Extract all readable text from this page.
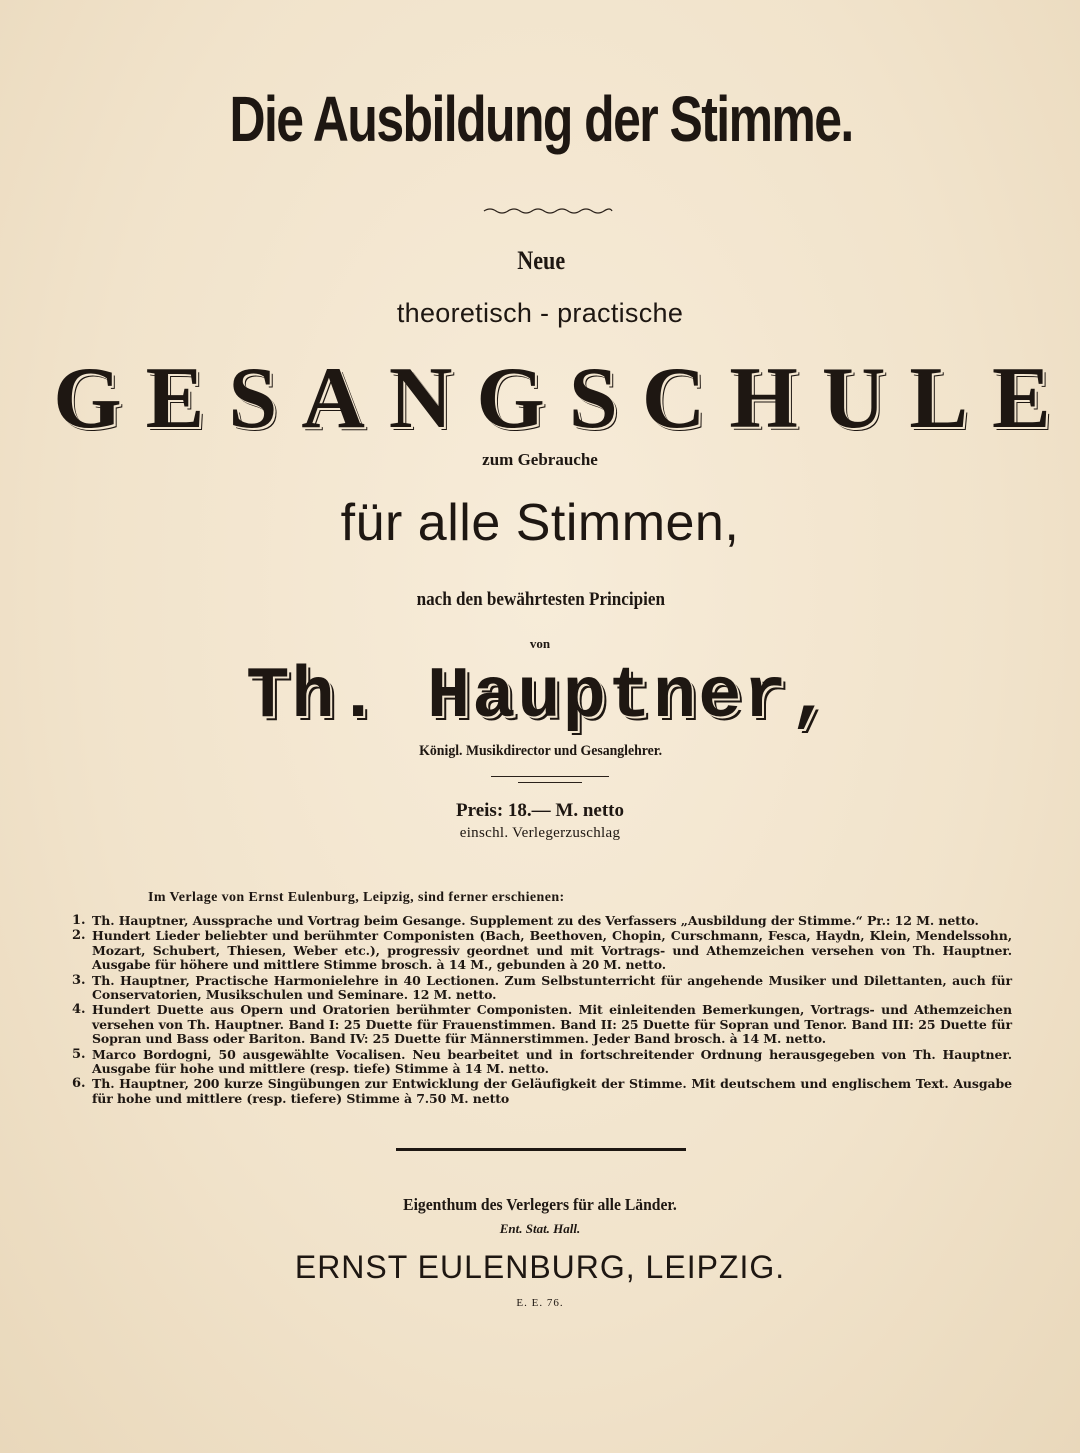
Die Ausbildung der Stimme.
Neue
theoretisch - practische
GESANGSCHULE
zum Gebrauche
für alle Stimmen,
nach den bewährtesten Principien
von
Th. Hauptner,
Königl. Musikdirector und Gesanglehrer.
Preis: 18.— M. netto
einschl. Verlegerzuschlag
Im Verlage von Ernst Eulenburg, Leipzig, sind ferner erschienen:
1. Th. Hauptner, Aussprache und Vortrag beim Gesange. Supplement zu des Verfassers „Ausbildung der Stimme.“ Pr.: 12 M. netto.
2. Hundert Lieder beliebter und berühmter Componisten (Bach, Beethoven, Chopin, Curschmann, Fesca, Haydn, Klein, Mendelssohn, Mozart, Schubert, Thiesen, Weber etc.), progressiv geordnet und mit Vortrags- und Athemzeichen versehen von Th. Hauptner. Ausgabe für höhere und mittlere Stimme brosch. à 14 M., gebunden à 20 M. netto.
3. Th. Hauptner, Practische Harmonielehre in 40 Lectionen. Zum Selbstunterricht für angehende Musiker und Dilettanten, auch für Conservatorien, Musikschulen und Seminare. 12 M. netto.
4. Hundert Duette aus Opern und Oratorien berühmter Componisten. Mit einleitenden Bemerkungen, Vortrags- und Athemzeichen versehen von Th. Hauptner. Band I: 25 Duette für Frauenstimmen. Band II: 25 Duette für Sopran und Tenor. Band III: 25 Duette für Sopran und Bass oder Bariton. Band IV: 25 Duette für Männerstimmen. Jeder Band brosch. à 14 M. netto.
5. Marco Bordogni, 50 ausgewählte Vocalisen. Neu bearbeitet und in fortschreitender Ordnung herausgegeben von Th. Hauptner. Ausgabe für hohe und mittlere (resp. tiefe) Stimme à 14 M. netto.
6. Th. Hauptner, 200 kurze Singübungen zur Entwicklung der Geläufigkeit der Stimme. Mit deutschem und englischem Text. Ausgabe für hohe und mittlere (resp. tiefere) Stimme à 7.50 M. netto
Eigenthum des Verlegers für alle Länder.
Ent. Stat. Hall.
ERNST EULENBURG, LEIPZIG.
E. E. 76.
